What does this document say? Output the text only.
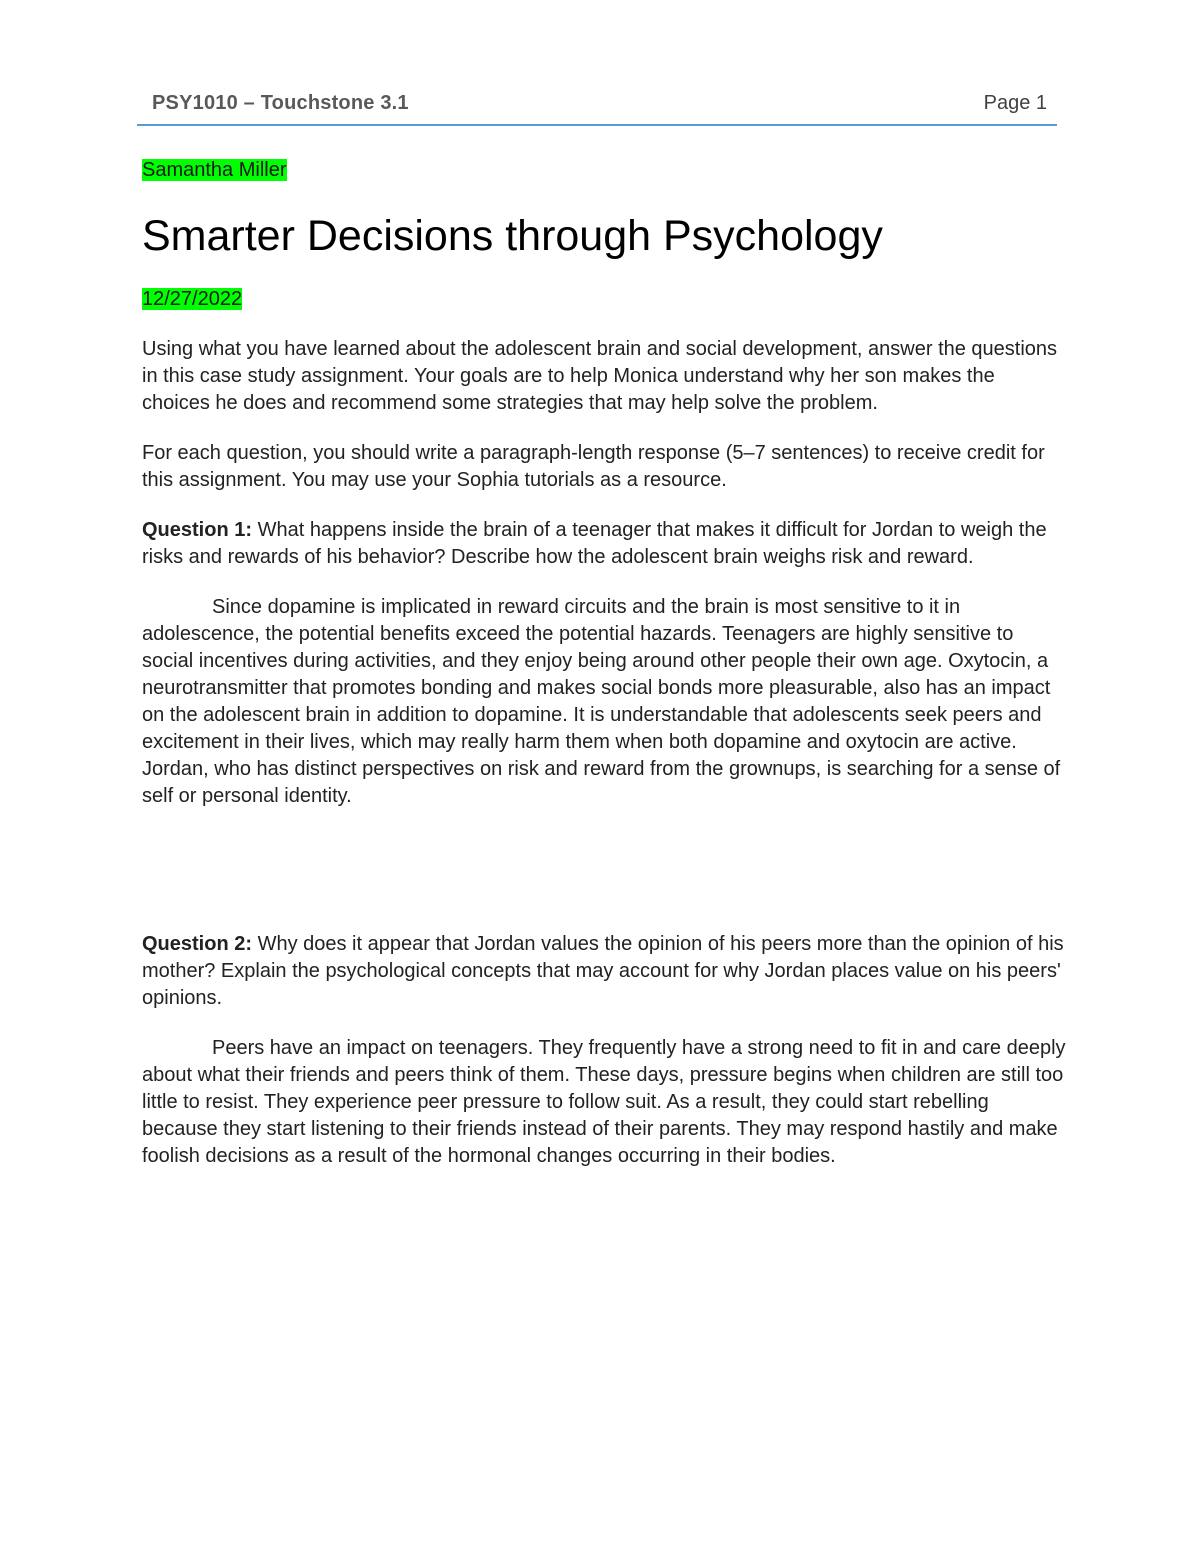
PSY1010 – Touchstone 3.1	Page 1

Samantha Miller

Smarter Decisions through Psychology

12/27/2022

Using what you have learned about the adolescent brain and social development, answer the questions in this case study assignment. Your goals are to help Monica understand why her son makes the choices he does and recommend some strategies that may help solve the problem.

For each question, you should write a paragraph-length response (5–7 sentences) to receive credit for this assignment. You may use your Sophia tutorials as a resource.

Question 1: What happens inside the brain of a teenager that makes it difficult for Jordan to weigh the risks and rewards of his behavior? Describe how the adolescent brain weighs risk and reward.

Since dopamine is implicated in reward circuits and the brain is most sensitive to it in adolescence, the potential benefits exceed the potential hazards. Teenagers are highly sensitive to social incentives during activities, and they enjoy being around other people their own age. Oxytocin, a neurotransmitter that promotes bonding and makes social bonds more pleasurable, also has an impact on the adolescent brain in addition to dopamine. It is understandable that adolescents seek peers and excitement in their lives, which may really harm them when both dopamine and oxytocin are active. Jordan, who has distinct perspectives on risk and reward from the grownups, is searching for a sense of self or personal identity.

Question 2: Why does it appear that Jordan values the opinion of his peers more than the opinion of his mother? Explain the psychological concepts that may account for why Jordan places value on his peers' opinions.

Peers have an impact on teenagers. They frequently have a strong need to fit in and care deeply about what their friends and peers think of them. These days, pressure begins when children are still too little to resist. They experience peer pressure to follow suit. As a result, they could start rebelling because they start listening to their friends instead of their parents. They may respond hastily and make foolish decisions as a result of the hormonal changes occurring in their bodies.
